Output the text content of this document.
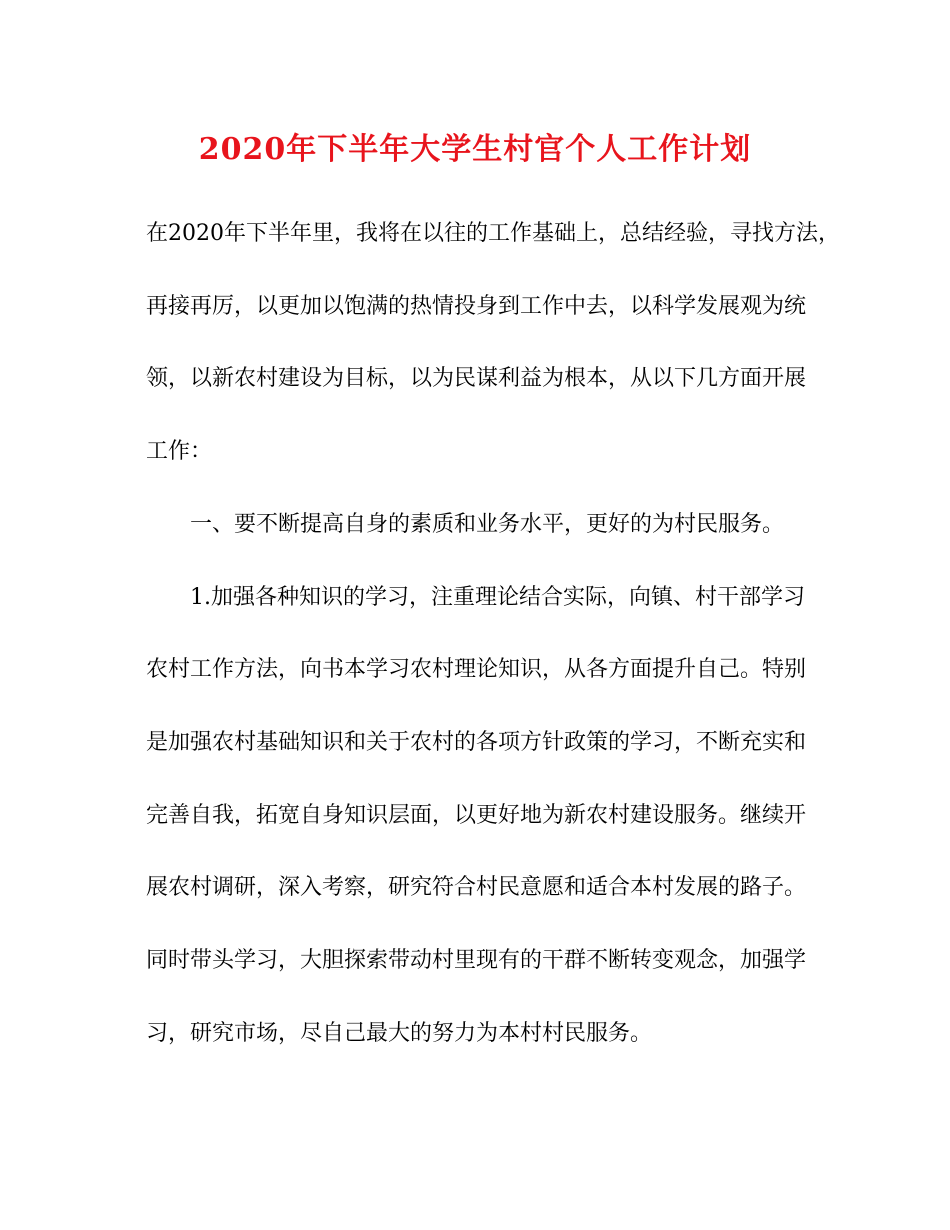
2020年下半年大学生村官个人工作计划
在2020年下半年里，我将在以往的工作基础上，总结经验，寻找方法，
再接再厉，以更加以饱满的热情投身到工作中去，以科学发展观为统
领，以新农村建设为目标，以为民谋利益为根本，从以下几方面开展
工作：
一、要不断提高自身的素质和业务水平，更好的为村民服务。
1.加强各种知识的学习，注重理论结合实际，向镇、村干部学习
农村工作方法，向书本学习农村理论知识，从各方面提升自己。特别
是加强农村基础知识和关于农村的各项方针政策的学习，不断充实和
完善自我，拓宽自身知识层面，以更好地为新农村建设服务。继续开
展农村调研，深入考察，研究符合村民意愿和适合本村发展的路子。
同时带头学习，大胆探索带动村里现有的干群不断转变观念，加强学
习，研究市场，尽自己最大的努力为本村村民服务。
